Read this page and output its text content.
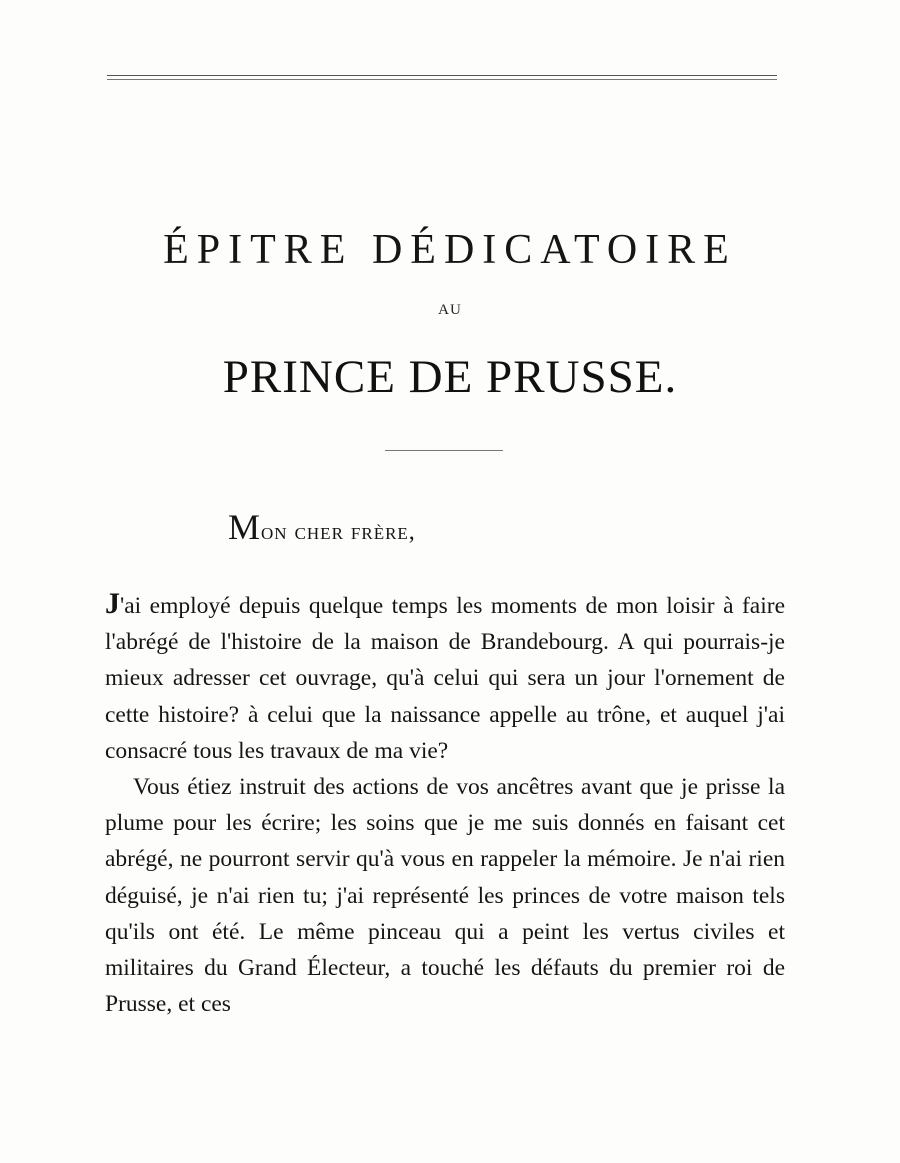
ÉPITRE DÉDICATOIRE
AU
PRINCE DE PRUSSE.
Mon cher frère,

J'ai employé depuis quelque temps les moments de mon loisir à faire l'abrégé de l'histoire de la maison de Brandebourg. A qui pourrais-je mieux adresser cet ouvrage, qu'à celui qui sera un jour l'ornement de cette histoire? à celui que la naissance appelle au trône, et auquel j'ai consacré tous les travaux de ma vie?

Vous étiez instruit des actions de vos ancêtres avant que je prisse la plume pour les écrire; les soins que je me suis donnés en faisant cet abrégé, ne pourront servir qu'à vous en rappeler la mémoire. Je n'ai rien déguisé, je n'ai rien tu; j'ai représenté les princes de votre maison tels qu'ils ont été. Le même pinceau qui a peint les vertus civiles et militaires du Grand Électeur, a touché les défauts du premier roi de Prusse, et ces
